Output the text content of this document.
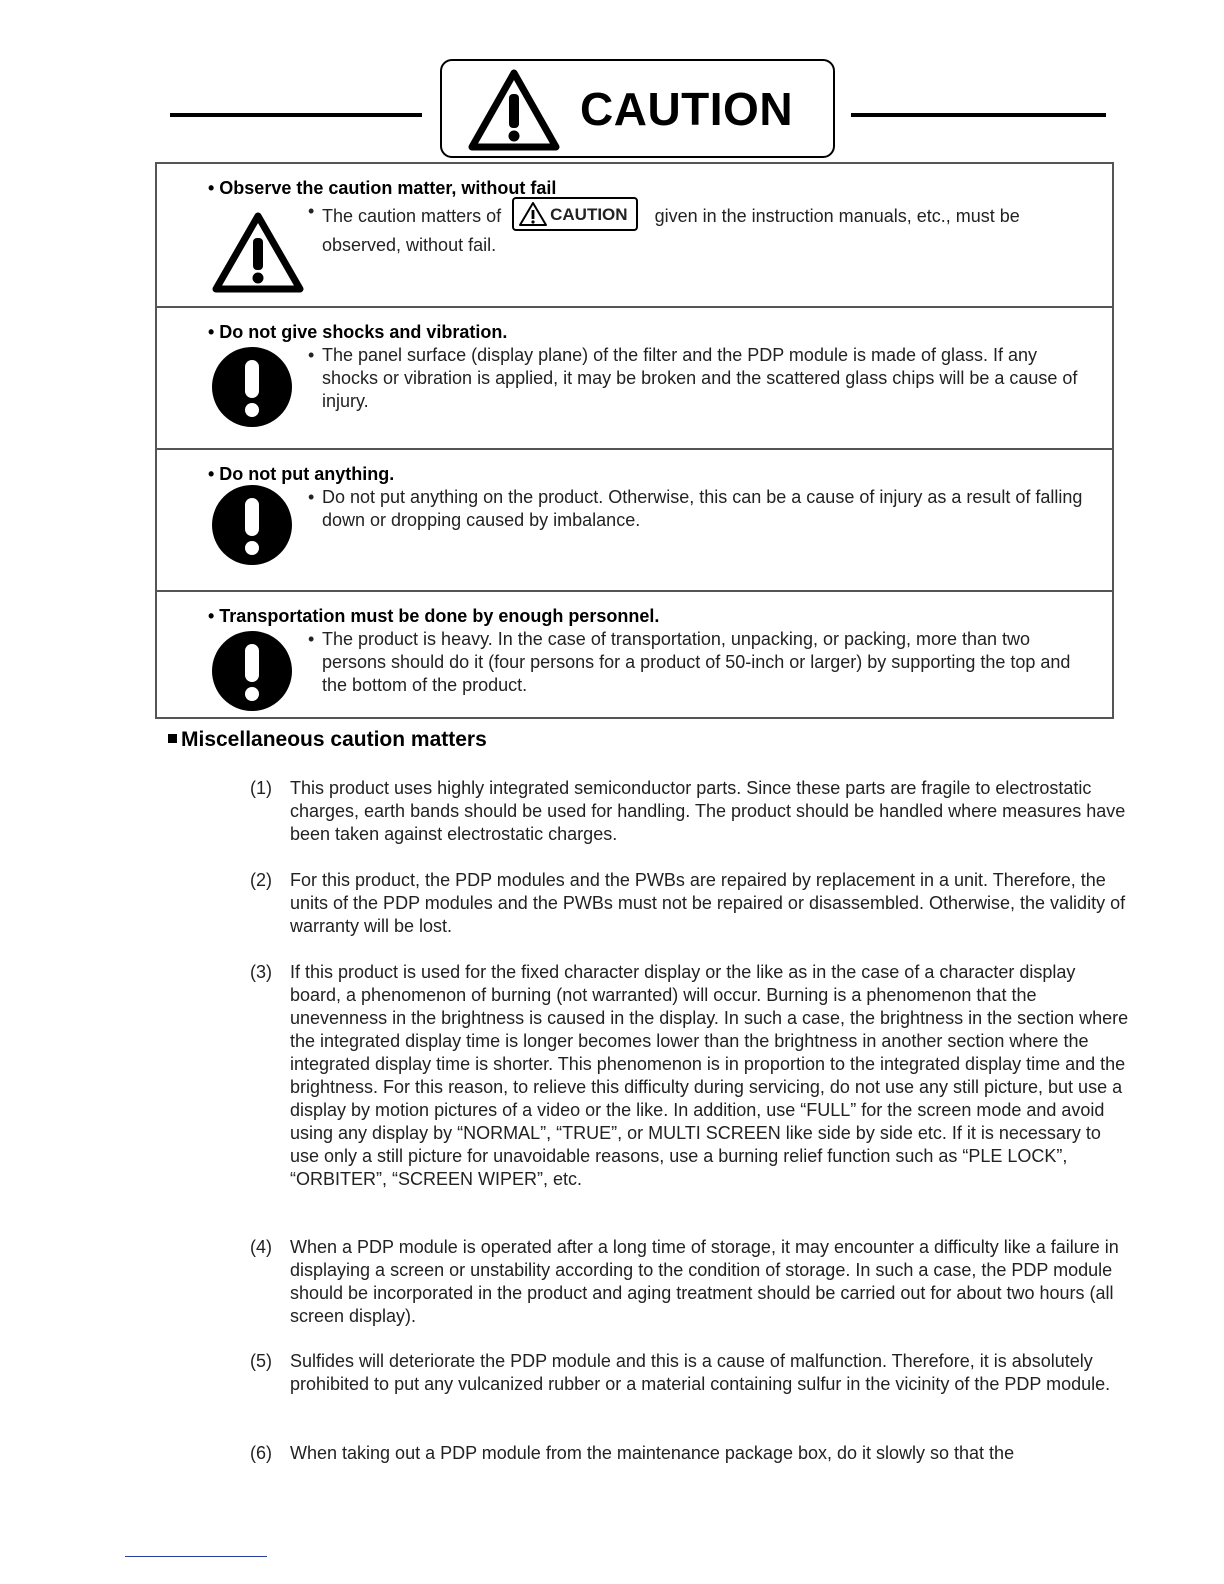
CAUTION
• Observe the caution matter, without fail
• The caution matters of	CAUTION given in the instruction manuals, etc., must be observed, without fail.
• Do not give shocks and vibration.
• The panel surface (display plane) of the filter and the PDP module is made of glass. If any shocks or vibration is applied, it may be broken and the scattered glass chips will be a cause of injury.
• Do not put anything.
• Do not put anything on the product. Otherwise, this can be a cause of injury as a result of falling down or dropping caused by imbalance.
• Transportation must be done by enough personnel.
• The product is heavy. In the case of transportation, unpacking, or packing, more than two persons should do it (four persons for a product of 50-inch or larger) by supporting the top and the bottom of the product.
Miscellaneous caution matters
(1) This product uses highly integrated semiconductor parts. Since these parts are fragile to electrostatic charges, earth bands should be used for handling. The product should be handled where measures have been taken against electrostatic charges.
(2) For this product, the PDP modules and the PWBs are repaired by replacement in a unit. Therefore, the units of the PDP modules and the PWBs must not be repaired or disassembled. Otherwise, the validity of warranty will be lost.
(3) If this product is used for the fixed character display or the like as in the case of a character display board, a phenomenon of burning (not warranted) will occur. Burning is a phenomenon that the unevenness in the brightness is caused in the display. In such a case, the brightness in the section where the integrated display time is longer becomes lower than the brightness in another section where the integrated display time is shorter. This phenomenon is in proportion to the integrated display time and the brightness. For this reason, to relieve this difficulty during servicing, do not use any still picture, but use a display by motion pictures of a video or the like. In addition, use “FULL” for the screen mode and avoid using any display by “NORMAL”, “TRUE”, or MULTI SCREEN like side by side etc. If it is necessary to use only a still picture for unavoidable reasons, use a burning relief function such as “PLE LOCK”, “ORBITER”, “SCREEN WIPER”, etc.
(4) When a PDP module is operated after a long time of storage, it may encounter a difficulty like a failure in displaying a screen or unstability according to the condition of storage. In such a case, the PDP module should be incorporated in the product and aging treatment should be carried out for about two hours (all screen display).
(5) Sulfides will deteriorate the PDP module and this is a cause of malfunction. Therefore, it is absolutely prohibited to put any vulcanized rubber or a material containing sulfur in the vicinity of the PDP module.
(6) When taking out a PDP module from the maintenance package box, do it slowly so that the
